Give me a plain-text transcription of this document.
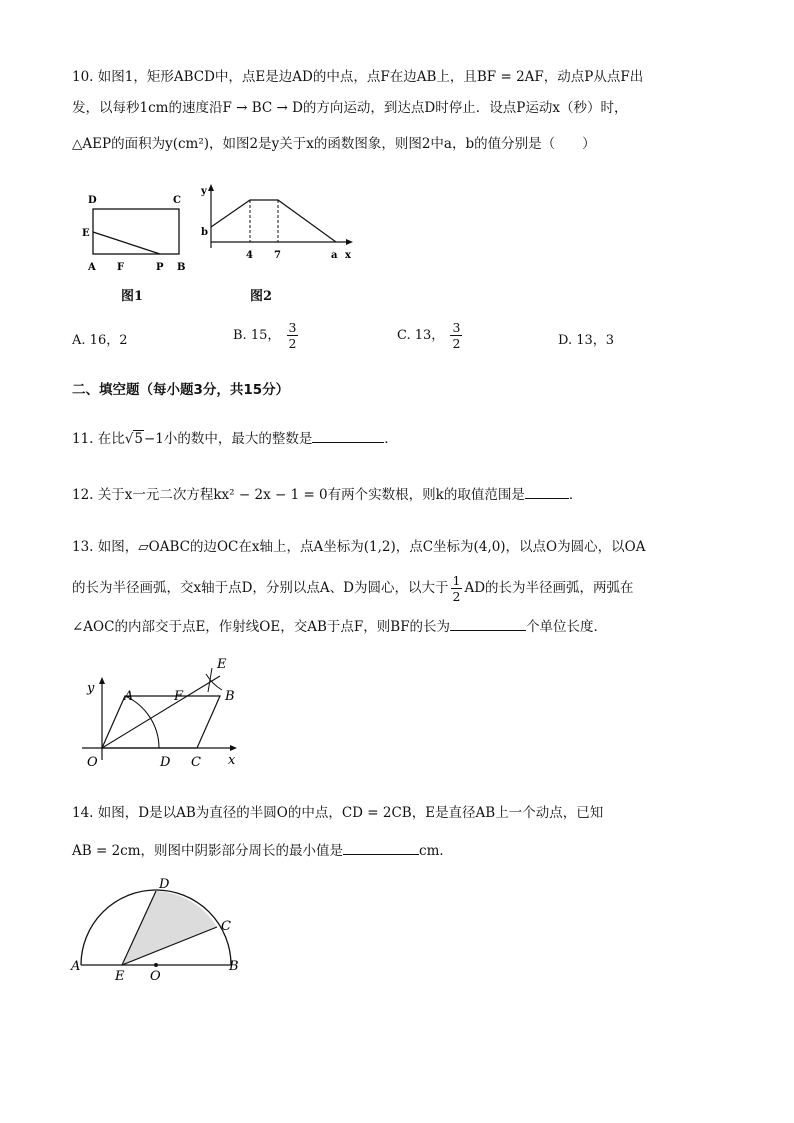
10. 如图1，矩形ABCD中，点E是边AD的中点，点F在边AB上，且BF = 2AF，动点P从点F出
发，以每秒1cm的速度沿F → BC → D的方向运动，到达点D时停止．设点P运动x（秒）时，
△AEP的面积为y(cm²)，如图2是y关于x的函数图象，则图2中a，b的值分别是（　　）
D	C
E
A F	P B
图1
y
b
4 7	a x
图2
A. 16，2	B. 15， $\frac{3}{2}$	C. 13， $\frac{3}{2}$	D. 13，3
二、填空题（每小题3分，共15分）
11. 在比√5−1小的数中，最大的整数是	．
12. 关于x一元二次方程kx² − 2x − 1 = 0有两个实数根，则k的取值范围是	．
13. 如图，▱OABC的边OC在x轴上，点A坐标为(1,2)，点C坐标为(4,0)，以点O为圆心，以OA
的长为半径画弧，交x轴于点D，分别以点A、D为圆心，以大于 $\frac{1}{2}$ AD的长为半径画弧，两弧在
∠AOC的内部交于点E，作射线OE，交AB于点F，则BF的长为	个单位长度．
y
E
A	F	B
O	D C x
14. 如图，D是以AB为直径的半圆O的中点，CD = 2CB，E是直径AB上一个动点，已知
AB = 2cm，则图中阴影部分周长的最小值是	cm．
D
C
A
E O
B
